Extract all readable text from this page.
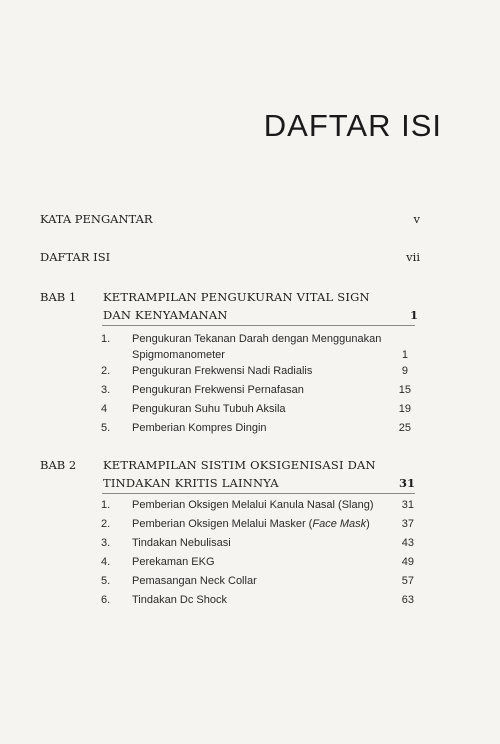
DAFTAR ISI
KATA PENGANTAR	v
DAFTAR ISI	vii
BAB 1 KETRAMPILAN PENGUKURAN VITAL SIGN
DAN KENYAMANAN	1
1. Pengukuran Tekanan Darah dengan Menggunakan
Spigmomanometer	1
2. Pengukuran Frekwensi Nadi Radialis	9
3. Pengukuran Frekwensi Pernafasan	15
4 Pengukuran Suhu Tubuh Aksila	19
5. Pemberian Kompres Dingin	25
BAB 2 KETRAMPILAN SISTIM OKSIGENISASI DAN
TINDAKAN KRITIS LAINNYA	31
1. Pemberian Oksigen Melalui Kanula Nasal (Slang)	31
2. Pemberian Oksigen Melalui Masker (Face Mask)	37
3. Tindakan Nebulisasi	43
4. Perekaman EKG	49
5. Pemasangan Neck Collar	57
6. Tindakan Dc Shock	63
